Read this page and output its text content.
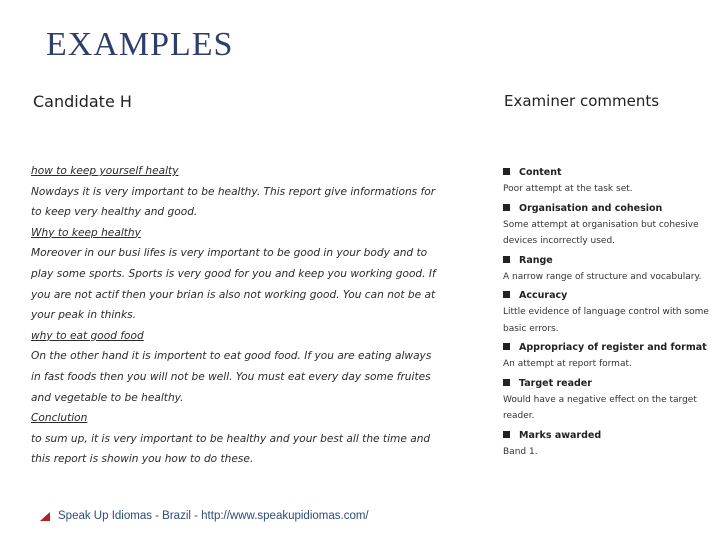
EXAMPLES
Candidate H
how to keep yourself healty
Nowdays it is very important to be healthy. This report give informations for
to keep very healthy and good.
Why to keep healthy
Moreover in our busi lifes is very important to be good in your body and to
play some sports. Sports is very good for you and keep you working good. If
you are not actif then your brian is also not working good. You can not be at
your peak in thinks.
why to eat good food
On the other hand it is importent to eat good food. If you are eating always
in fast foods then you will not be well. You must eat every day some fruites
and vegetable to be healthy.
Conclution
to sum up, it is very important to be healthy and your best all the time and
this report is showin you how to do these.
Examiner comments
Content
Poor attempt at the task set.
Organisation and cohesion
Some attempt at organisation but cohesive devices incorrectly used.
Range
A narrow range of structure and vocabulary.
Accuracy
Little evidence of language control with some basic errors.
Appropriacy of register and format
An attempt at report format.
Target reader
Would have a negative effect on the target reader.
Marks awarded
Band 1.
Speak Up Idiomas - Brazil - http://www.speakupidiomas.com/
